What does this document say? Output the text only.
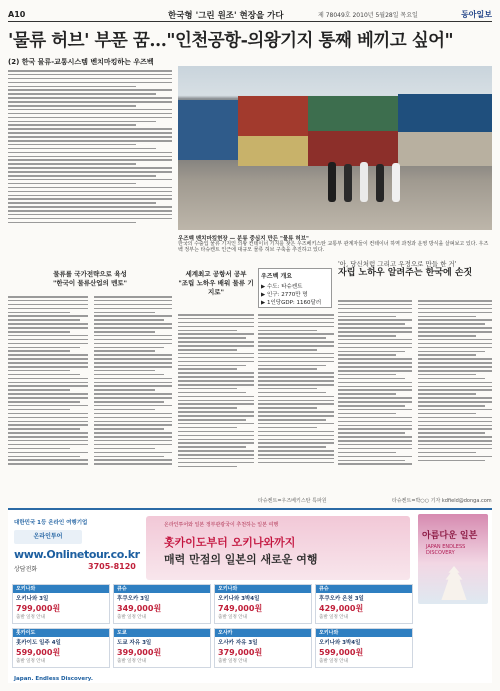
A10	한국형 '그린 원조' 현장을 가다	제 78049호 2010년 5월28일 목요일	동아일보
'물류 허브' 부푼 꿈…"인천공항-의왕기지 통째 베끼고 싶어"
(2) 한국 물류-교통시스템 벤치마킹하는 우즈벡
우즈벡 벤치마킹현장 — 분류 중심지 만든 "물류 허브"
한국의 수출입 물류 기지인 의왕 컨테이너 기지를 찾은 우즈베키스탄 교통부 관계자들이 컨테이너 하역 과정과 운영 방식을 살펴보고 있다. 우즈벡 정부는 타슈켄트 인근에 대규모 물류 허브 구축을 추진하고 있다.
우즈벡 개요
▶ 수도: 타슈켄트
▶ 인구: 2770만 명
▶ 1인당GDP: 1160달러
물류를 국가전략으로 육성
"한국이 물류산업의 멘토"
세계최고 공항서 공부
"조립 노하우 배워 물류 기지로"
타슈켄트=우즈베키스탄 특파원
'아, 당신처럼 그리고 우정으로 만들 한 거'
자립 노하우 알려주는 한국에 손짓
타슈켄트=박○○ 기자 kdfield@donga.com
대한민국 1등 온라인 여행기업
온라인투어
www.Onlinetour.co.kr
상담전화	3705-8120
온라인투어와 일본 정부관광국이 추천하는 일본 여행
홋카이도부터 오키나와까지
매력 만점의 일본의 새로운 여행
아름다운 일본
JAPAN ENDLESS DISCOVERY
오키나와
오키나와 3일
799,000원
출발 일정 안내
큐슈
후쿠오카 3일
349,000원
출발 일정 안내
오키나와
오키나와 3박4일
749,000원
출발 일정 안내
큐슈
후쿠오카 온천 3일
429,000원
출발 일정 안내
홋카이도
홋카이도 일주 4일
599,000원
출발 일정 안내
도쿄
도쿄 자유 3일
399,000원
출발 일정 안내
오사카
오사카 자유 3일
379,000원
출발 일정 안내
오키나와
오키나와 3박4일
599,000원
출발 일정 안내
Japan. Endless Discovery.
